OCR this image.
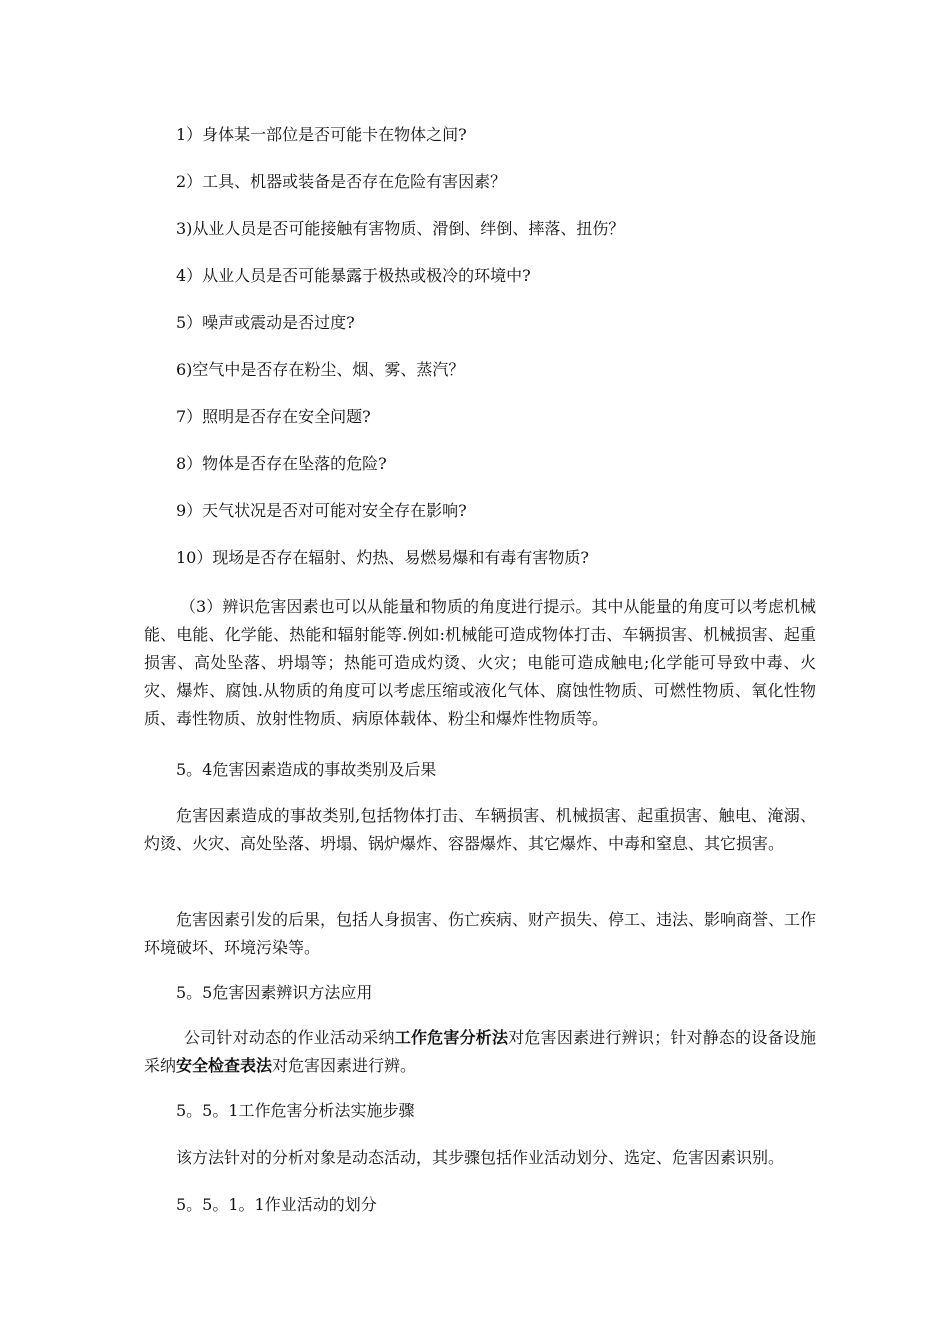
1）身体某一部位是否可能卡在物体之间?
2）工具、机器或装备是否存在危险有害因素？
3)从业人员是否可能接触有害物质、滑倒、绊倒、摔落、扭伤？
4）从业人员是否可能暴露于极热或极冷的环境中?
5）噪声或震动是否过度?
6)空气中是否存在粉尘、烟、雾、蒸汽？
7）照明是否存在安全问题?
8）物体是否存在坠落的危险?
9）天气状况是否对可能对安全存在影响?
10）现场是否存在辐射、灼热、易燃易爆和有毒有害物质?
（3）辨识危害因素也可以从能量和物质的角度进行提示。其中从能量的角度可以考虑机械能、电能、化学能、热能和辐射能等.例如:机械能可造成物体打击、车辆损害、机械损害、起重损害、高处坠落、坍塌等；热能可造成灼烫、火灾；电能可造成触电;化学能可导致中毒、火灾、爆炸、腐蚀.从物质的角度可以考虑压缩或液化气体、腐蚀性物质、可燃性物质、氧化性物质、毒性物质、放射性物质、病原体载体、粉尘和爆炸性物质等。
5。4危害因素造成的事故类别及后果
危害因素造成的事故类别,包括物体打击、车辆损害、机械损害、起重损害、触电、淹溺、灼烫、火灾、高处坠落、坍塌、锅炉爆炸、容器爆炸、其它爆炸、中毒和窒息、其它损害。
危害因素引发的后果，包括人身损害、伤亡疾病、财产损失、停工、违法、影响商誉、工作环境破坏、环境污染等。
5。5危害因素辨识方法应用
公司针对动态的作业活动采纳工作危害分析法对危害因素进行辨识；针对静态的设备设施采纳安全检查表法对危害因素进行辨。
5。5。1工作危害分析法实施步骤
该方法针对的分析对象是动态活动，其步骤包括作业活动划分、选定、危害因素识别。
5。5。1。1作业活动的划分
